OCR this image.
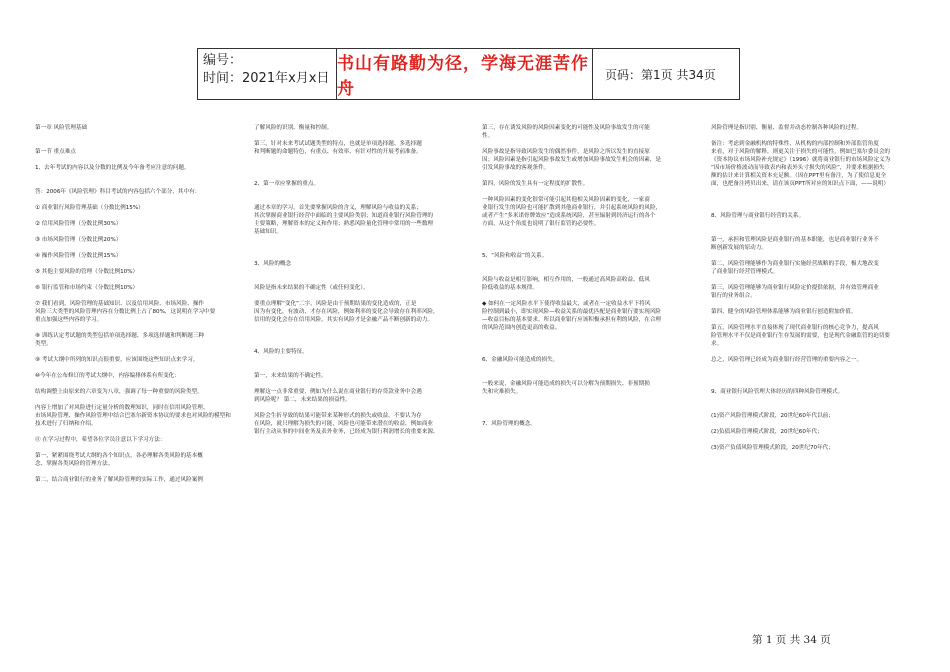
编号：
时间：2021年x月x日
书山有路勤为径，学海无涯苦作舟
页码：第1页 共34页

第一章 风险管理基础

第一节 重点难点

1、去年考试的内容以及分数的比例及今年备考应注意的问题。

答：2006年《风险管理》科目考试的内容包括六个部分，其中有：

① 商业银行风险管理基础（分数比例15%）

② 信用风险管理（分数比例30%）

③ 市场风险管理（分数比例20%）

④ 操作风险管理（分数比例15%）

⑤ 其他主要风险的管理（分数比例10%）

⑥ 银行监管和市场约束（分数比例10%）

⑦ 我们看到，风险管理的基础知识、以及信用风险、市场风险、操作

风险三大类型的风险管理内容在分数比例上占了80%，这说明在学习中要

重点加强这些内容的学习。

⑧ 训练认定考试题的类型包括单项选择题、多项选择题和判断题三种

类型。

⑨ 考试大纲中所列的知识点很重要，应该围绕这些知识点来学习。

⑩今年在公布修订的考试大纲中，内容编排体系有所变化：

结构调整上由原来的六章变为八章，强调了每一种重要的风险类型。

内容上增加了对风险进行定量分析的数理知识，同时在信用风险管理、

市场风险管理、操作风险管理中结合巴塞尔新资本协议的要求也对风险的模型和

技术进行了归纳和介绍。

⑪ 在学习过程中，希望各位学员注意以下学习方法：

第一，紧紧围绕考试大纲的各个知识点，各必理解各类风险的基本概

念、掌握各类风险的管理方法。

第二，结合商业银行的业务了解风险管理的实际工作，通过风险案例

了解风险的识别、衡量和控制。

第三，针对未来考试试题类型的特点，也就是单项选择题、多选择题

和判断题的命题特色，有重点、有效率、有针对性的开展考前准备。

2、第一章应掌握的重点。

通过本章的学习，首先要掌握风险的含义，理解风险与收益的关系；

其次掌握商业银行经营中面临的主要风险类别；知道商业银行风险管理的

主要策略，理解资本的定义和作用；熟悉风险量化管理中常用的一些数理

基础知识。

3、风险的概念

风险是指未来结果的不确定性（或任何变化）。

要重点理解“变化”二字，风险是由于预期结果的变化造成的，正是

因为有变化，有波动，才存在风险，例如利率的变化会导致存在利率风险，

信用的变化会存在信用风险，其实有风险才是金融产品不断创新的动力。

4、风险的主要特征。

第一，未来结果的不确定性。

理解这一点非常重要，例如为什么说在商业银行的存贷款业务中会遇

到风险呢？ 第二，未来结果的损益性。

风险会生折导致的结果可能带来某种形式的损失或收益。不要认为存

在风险，就只理解为损失的可能，风险也可能带来潜在的收益，例如商业

银行主动从事的中间业务及表外业务，已经成为银行利润增长的重要来源。

第三，存在诱发风险的风险因素变化的可能性及风险事故发生的可能

性。

风险事故是指导致风险发生的偶然事件，是风险之所以发生的直接原

因；风险因素是指引起风险事故发生或增加风险事故发生机会的因素，是

引发风险事故的客观条件。

第四，风险的发生具有一定程度的扩散性。

一种风险因素的变化很常可能引起其他相关风险因素的变化，一家商

业银行发生的风险也可能扩散到其他商业银行，并引起系统风险的风险，

或者产生“多米诺骨牌效应”造成系统风险，甚至辐射到经济运行的各个

方面，从这个角度也说明了银行监管的必要性。

5、“风险和收益”的关系。

风险与收益是相互影响，相互作用的，一般通过高风险高收益、低风

险低收益的基本规律。

◆ 如何在一定风险水平下使得收益最大，或者在一定收益水平下将风

险控制到最小，即实现风险—收益关系的最优匹配是商业银行要实现风险

—收益目标的基本要求。所以商业银行应该积极承担有利的风险，在合理

的风险范围内创造更高的收益。

6、金融风险可能造成的损失。

一般来说，金融风险可能造成的损失可以分解为预期损失、非预期损

失和灾难损失。

7、风险管理的概念。

风险管理是指识别、衡量、监督并动态控制各种风险的过程。

备注：考虑到金融机构的特殊性，从机构的内部控制和外部监管角度

来看，对于风险的解释，则更关注于损失的可能性，例如巴塞尔委员会的

《资本协议市场风险补充规定》（1996）就将商业银行的市场风险定义为

“因市场价格波动而导致表内和表外头寸损失的风险”，并要求根据损失

额的估计来计算相关资本充足额。（因在PPT里有备注，为了使信息更全

面，也把备注拷贝出来，请在该页PPT所对应的知识点下面，——说明）

8、风险管理与商业银行经营的关系。

第一，承担和管理风险是商业银行的基本职能，也是商业银行业务不

断创新发展的原动力。

第二，风险管理能够作为商业银行实施经营战略的手段，极大地改变

了商业银行经营管理模式。

第三，风险管理能够为商业银行风险定价提供依据，并有效管理商业

银行的业务组合。

第四，健全的风险管理体系能够为商业银行创造附加价值。

第五，风险管理水平直接体现了现代商业银行的核心竞争力，提高风

险管理水平不仅是商业银行生存发展的需要，也是现代金融监管的迫切要

求。

总之，风险管理已经成为商业银行经营管理的重要内容之一。

9、商业银行风险管理大体经历的四种风险管理模式。

(1)资产风险管理模式阶段，20世纪60年代以前；

(2)负债风险管理模式阶段，20世纪60年代；

(3)资产负债风险管理模式阶段，20世纪70年代；

第 1 页 共 34 页
